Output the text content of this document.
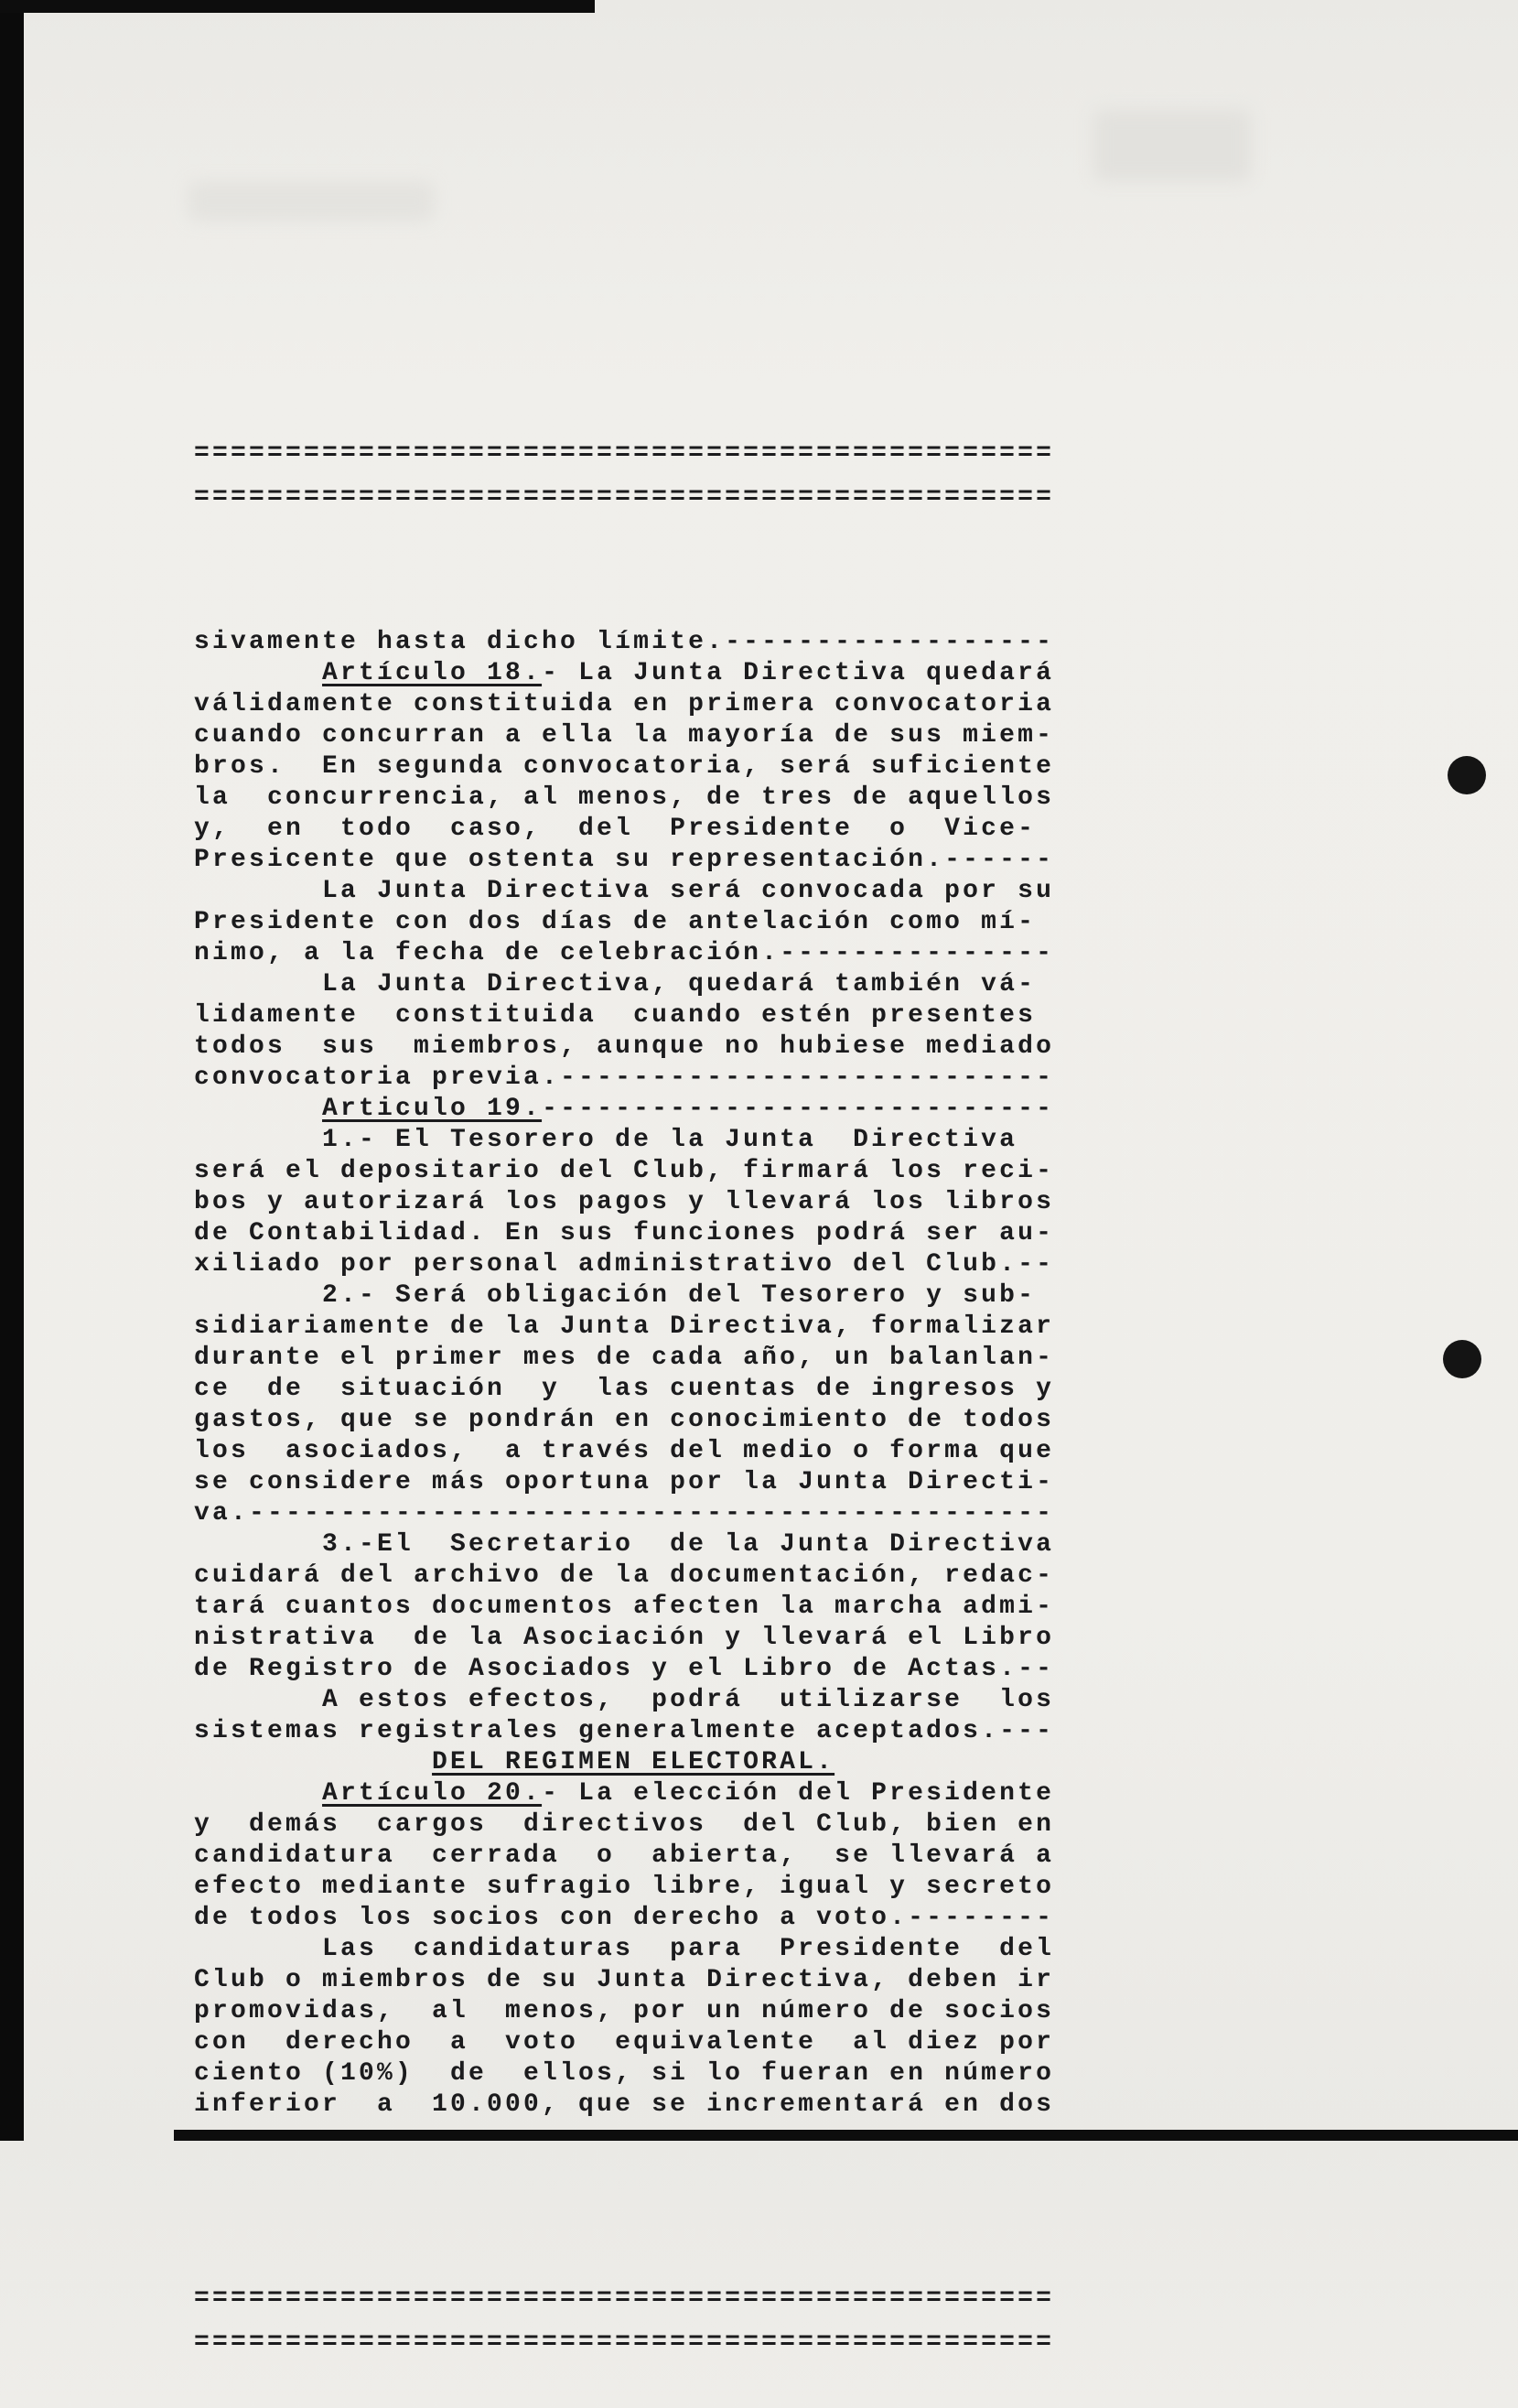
===============================================

===============================================

sivamente hasta dicho límite.------------------
Artículo 18.- La Junta Directiva quedará
válidamente constituida en primera convocatoria
cuando concurran a ella la mayoría de sus miem-
bros.  En segunda convocatoria, será suficiente
la  concurrencia, al menos, de tres de aquellos
y,  en  todo  caso,  del  Presidente  o  Vice-
Presicente que ostenta su representación.------
La Junta Directiva será convocada por su
Presidente con dos días de antelación como mí-
nimo, a la fecha de celebración.---------------
La Junta Directiva, quedará también vá-
lidamente  constituida  cuando estén presentes
todos  sus  miembros, aunque no hubiese mediado
convocatoria previa.---------------------------
Articulo 19.----------------------------
1.- El Tesorero de la Junta  Directiva
será el depositario del Club, firmará los reci-
bos y autorizará los pagos y llevará los libros
de Contabilidad. En sus funciones podrá ser au-
xiliado por personal administrativo del Club.--
2.- Será obligación del Tesorero y sub-
sidiariamente de la Junta Directiva, formalizar
durante el primer mes de cada año, un balanlan-
ce  de  situación  y  las cuentas de ingresos y
gastos, que se pondrán en conocimiento de todos
los  asociados,  a través del medio o forma que
se considere más oportuna por la Junta Directi-
va.--------------------------------------------
3.-El  Secretario  de la Junta Directiva
cuidará del archivo de la documentación, redac-
tará cuantos documentos afecten la marcha admi-
nistrativa  de la Asociación y llevará el Libro
de Registro de Asociados y el Libro de Actas.--
A estos efectos,  podrá  utilizarse  los
sistemas registrales generalmente aceptados.---
DEL REGIMEN ELECTORAL.
Artículo 20.- La elección del Presidente
y  demás  cargos  directivos  del Club, bien en
candidatura  cerrada  o  abierta,  se llevará a
efecto mediante sufragio libre, igual y secreto
de todos los socios con derecho a voto.--------
Las  candidaturas  para  Presidente  del
Club o miembros de su Junta Directiva, deben ir
promovidas,  al  menos, por un número de socios
con  derecho  a  voto  equivalente  al diez por
ciento (10%)  de  ellos, si lo fueran en número
inferior  a  10.000, que se incrementará en dos

===============================================

===============================================
